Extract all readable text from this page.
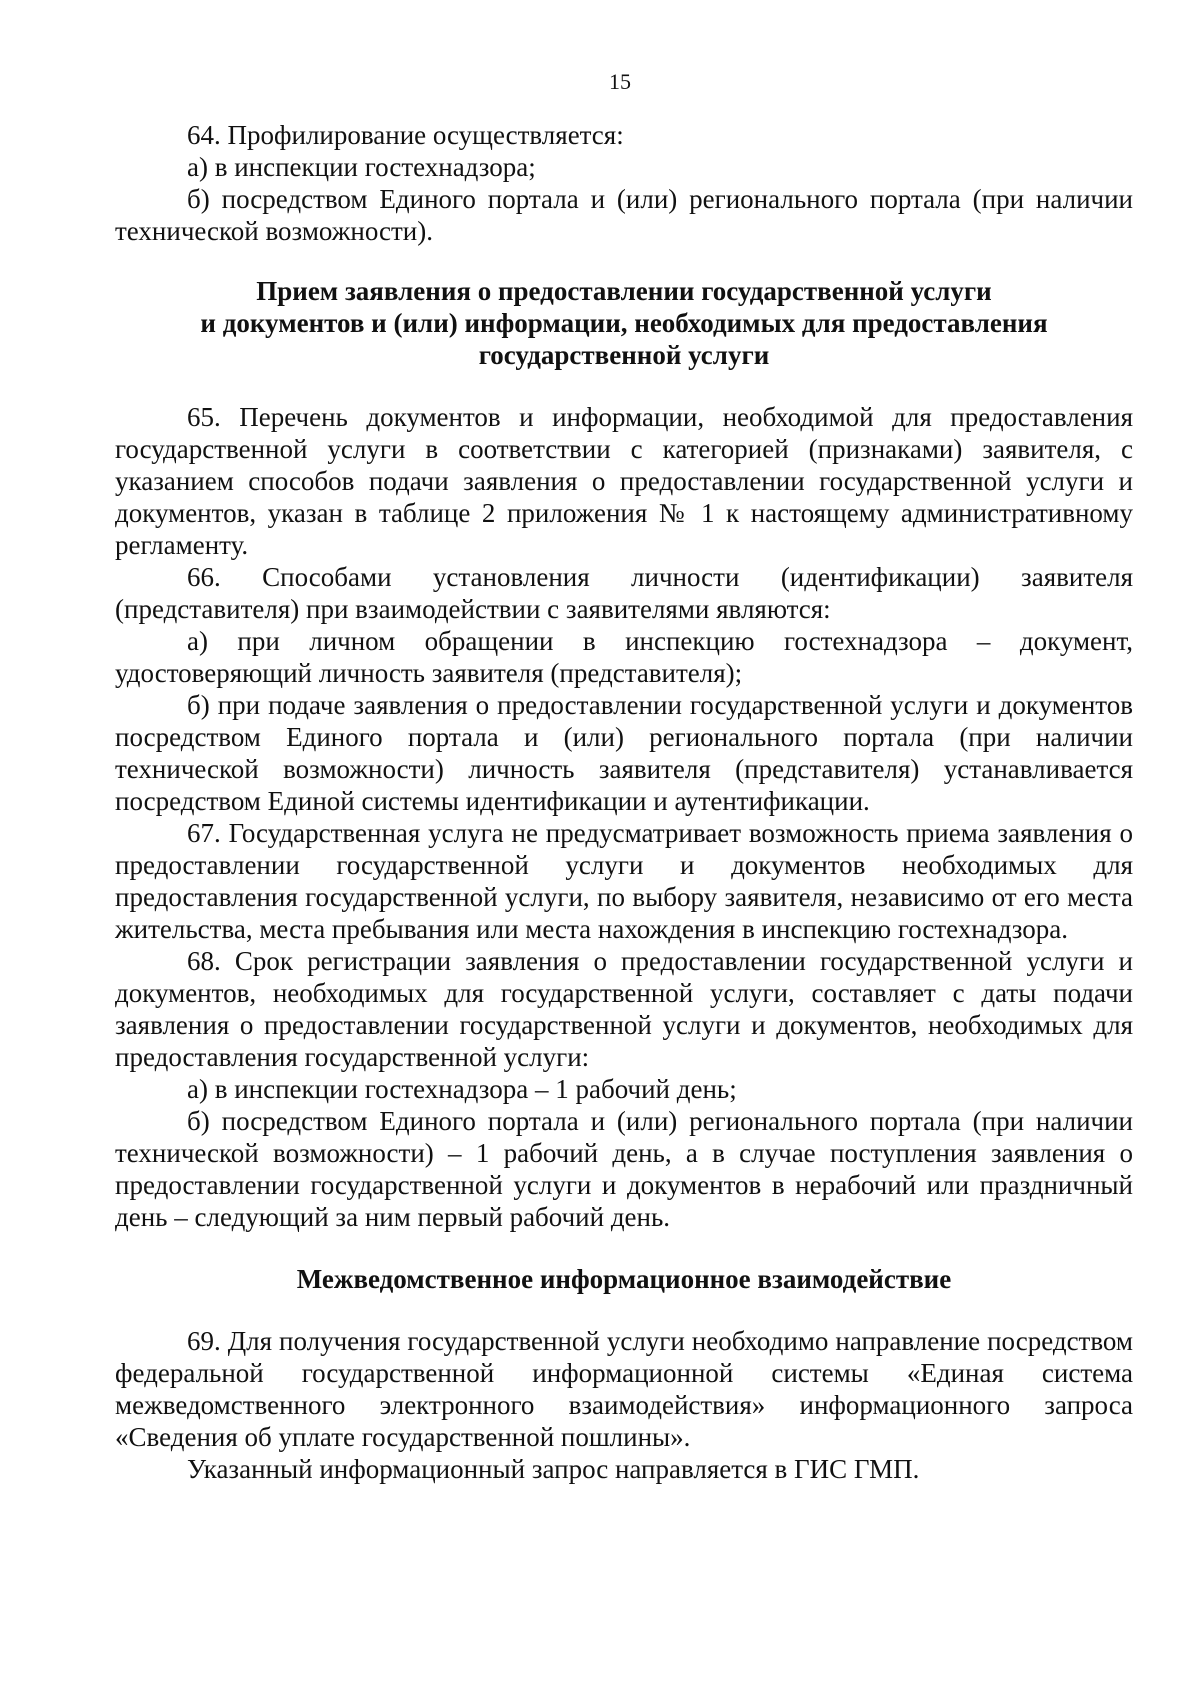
15

64. Профилирование осуществляется:

а) в инспекции гостехнадзора;

б) посредством Единого портала и (или) регионального портала (при наличии технической возможности).

Прием заявления о предоставлении государственной услуги
и документов и (или) информации, необходимых для предоставления
государственной услуги

65. Перечень документов и информации, необходимой для предоставления государственной услуги в соответствии с категорией (признаками) заявителя, с указанием способов подачи заявления о предоставлении государственной услуги и документов, указан в таблице 2 приложения № 1 к настоящему административному регламенту.

66. Способами установления личности (идентификации) заявителя (представителя) при взаимодействии с заявителями являются:

а) при личном обращении в инспекцию гостехнадзора – документ, удостоверяющий личность заявителя (представителя);

б) при подаче заявления о предоставлении государственной услуги и документов посредством Единого портала и (или) регионального портала (при наличии технической возможности) личность заявителя (представителя) устанавливается посредством Единой системы идентификации и аутентификации.

67. Государственная услуга не предусматривает возможность приема заявления о предоставлении государственной услуги и документов необходимых для предоставления государственной услуги, по выбору заявителя, независимо от его места жительства, места пребывания или места нахождения в инспекцию гостехнадзора.

68. Срок регистрации заявления о предоставлении государственной услуги и документов, необходимых для государственной услуги, составляет с даты подачи заявления о предоставлении государственной услуги и документов, необходимых для предоставления государственной услуги:

а) в инспекции гостехнадзора – 1 рабочий день;

б) посредством Единого портала и (или) регионального портала (при наличии технической возможности) – 1 рабочий день, а в случае поступления заявления о предоставлении государственной услуги и документов в нерабочий или праздничный день – следующий за ним первый рабочий день.

Межведомственное информационное взаимодействие

69. Для получения государственной услуги необходимо направление посредством федеральной государственной информационной системы «Единая система межведомственного электронного взаимодействия» информационного запроса «Сведения об уплате государственной пошлины».

Указанный информационный запрос направляется в ГИС ГМП.
